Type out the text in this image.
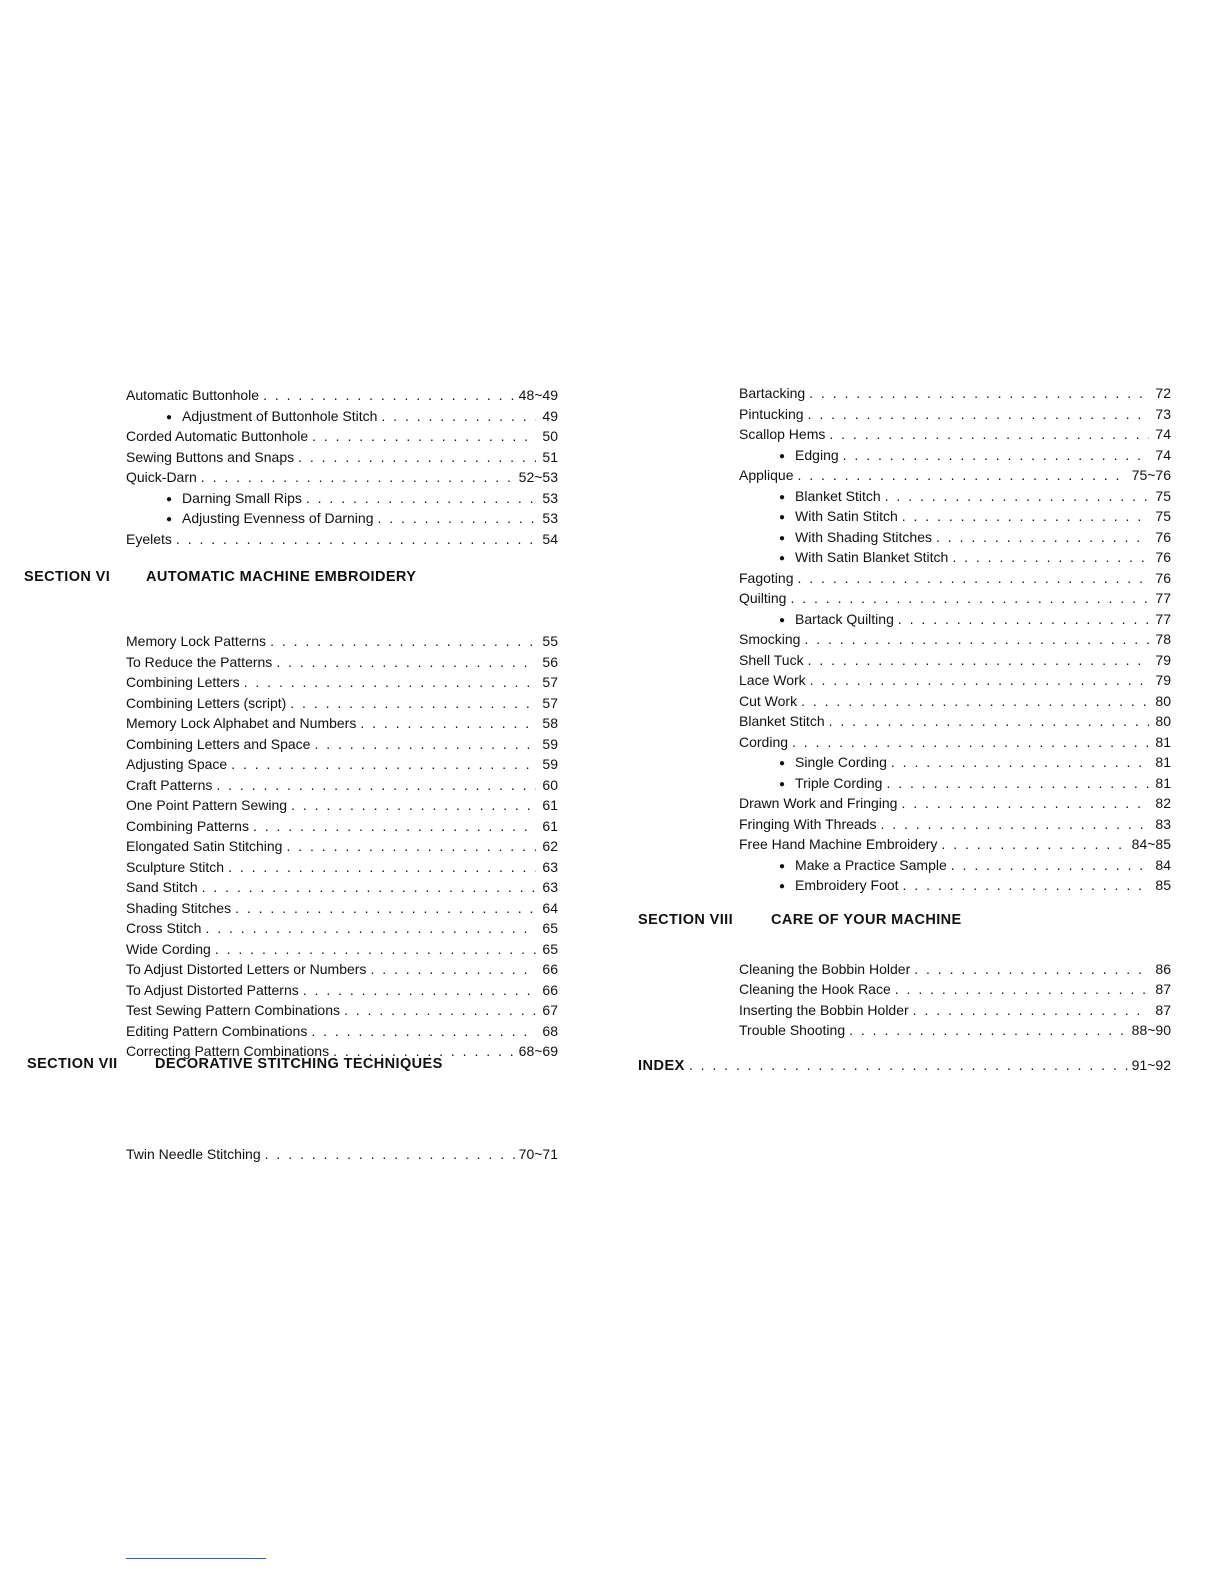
Automatic Buttonhole . . .	48~49
● Adjustment of Buttonhole Stitch . . .	49
Corded Automatic Buttonhole . . .	50
Sewing Buttons and Snaps . . .	51
Quick-Darn . . .	52~53
● Darning Small Rips . . .	53
● Adjusting Evenness of Darning . . .	53
Eyelets . . .	54
Memory Lock Patterns . . .	55
To Reduce the Patterns . . .	56
Combining Letters . . .	57
Combining Letters (script) . . .	57
Memory Lock Alphabet and Numbers . . .	58
Combining Letters and Space . . .	59
Adjusting Space . . .	59
Craft Patterns . . .	60
One Point Pattern Sewing . . .	61
Combining Patterns . . .	61
Elongated Satin Stitching . . .	62
Sculpture Stitch . . .	63
Sand Stitch . . .	63
Shading Stitches . . .	64
Cross Stitch . . .	65
Wide Cording . . .	65
To Adjust Distorted Letters or Numbers . . .	66
To Adjust Distorted Patterns . . .	66
Test Sewing Pattern Combinations . . .	67
Editing Pattern Combinations . . .	68
Correcting Pattern Combinations . . .	68~69
Twin Needle Stitching . . .	70~71
SECTION VI AUTOMATIC MACHINE EMBROIDERY
SECTION VII	DECORATIVE STITCHING TECHNIQUES
Bartacking . . .	72
Pintucking . . .	73
Scallop Hems . . .	74
● Edging . . .	74
Applique . . .	75~76
● Blanket Stitch . . .	75
● With Satin Stitch . . .	75
● With Shading Stitches . . .	76
● With Satin Blanket Stitch . . .	76
Fagoting . . .	76
Quilting . . .	77
● Bartack Quilting . . .	77
Smocking . . .	78
Shell Tuck . . .	79
Lace Work . . .	79
Cut Work . . .	80
Blanket Stitch . . .	80
Cording . . .	81
● Single Cording . . .	81
● Triple Cording . . .	81
Drawn Work and Fringing . . .	82
Fringing With Threads . . .	83
Free Hand Machine Embroidery . . .	84~85
● Make a Practice Sample . . .	84
● Embroidery Foot . . .	85
Cleaning the Bobbin Holder . . .	86
Cleaning the Hook Race . . .	87
Inserting the Bobbin Holder . . .	87
Trouble Shooting . . .	88~90
SECTION VIII	CARE OF YOUR MACHINE
INDEX . . .	91~92
